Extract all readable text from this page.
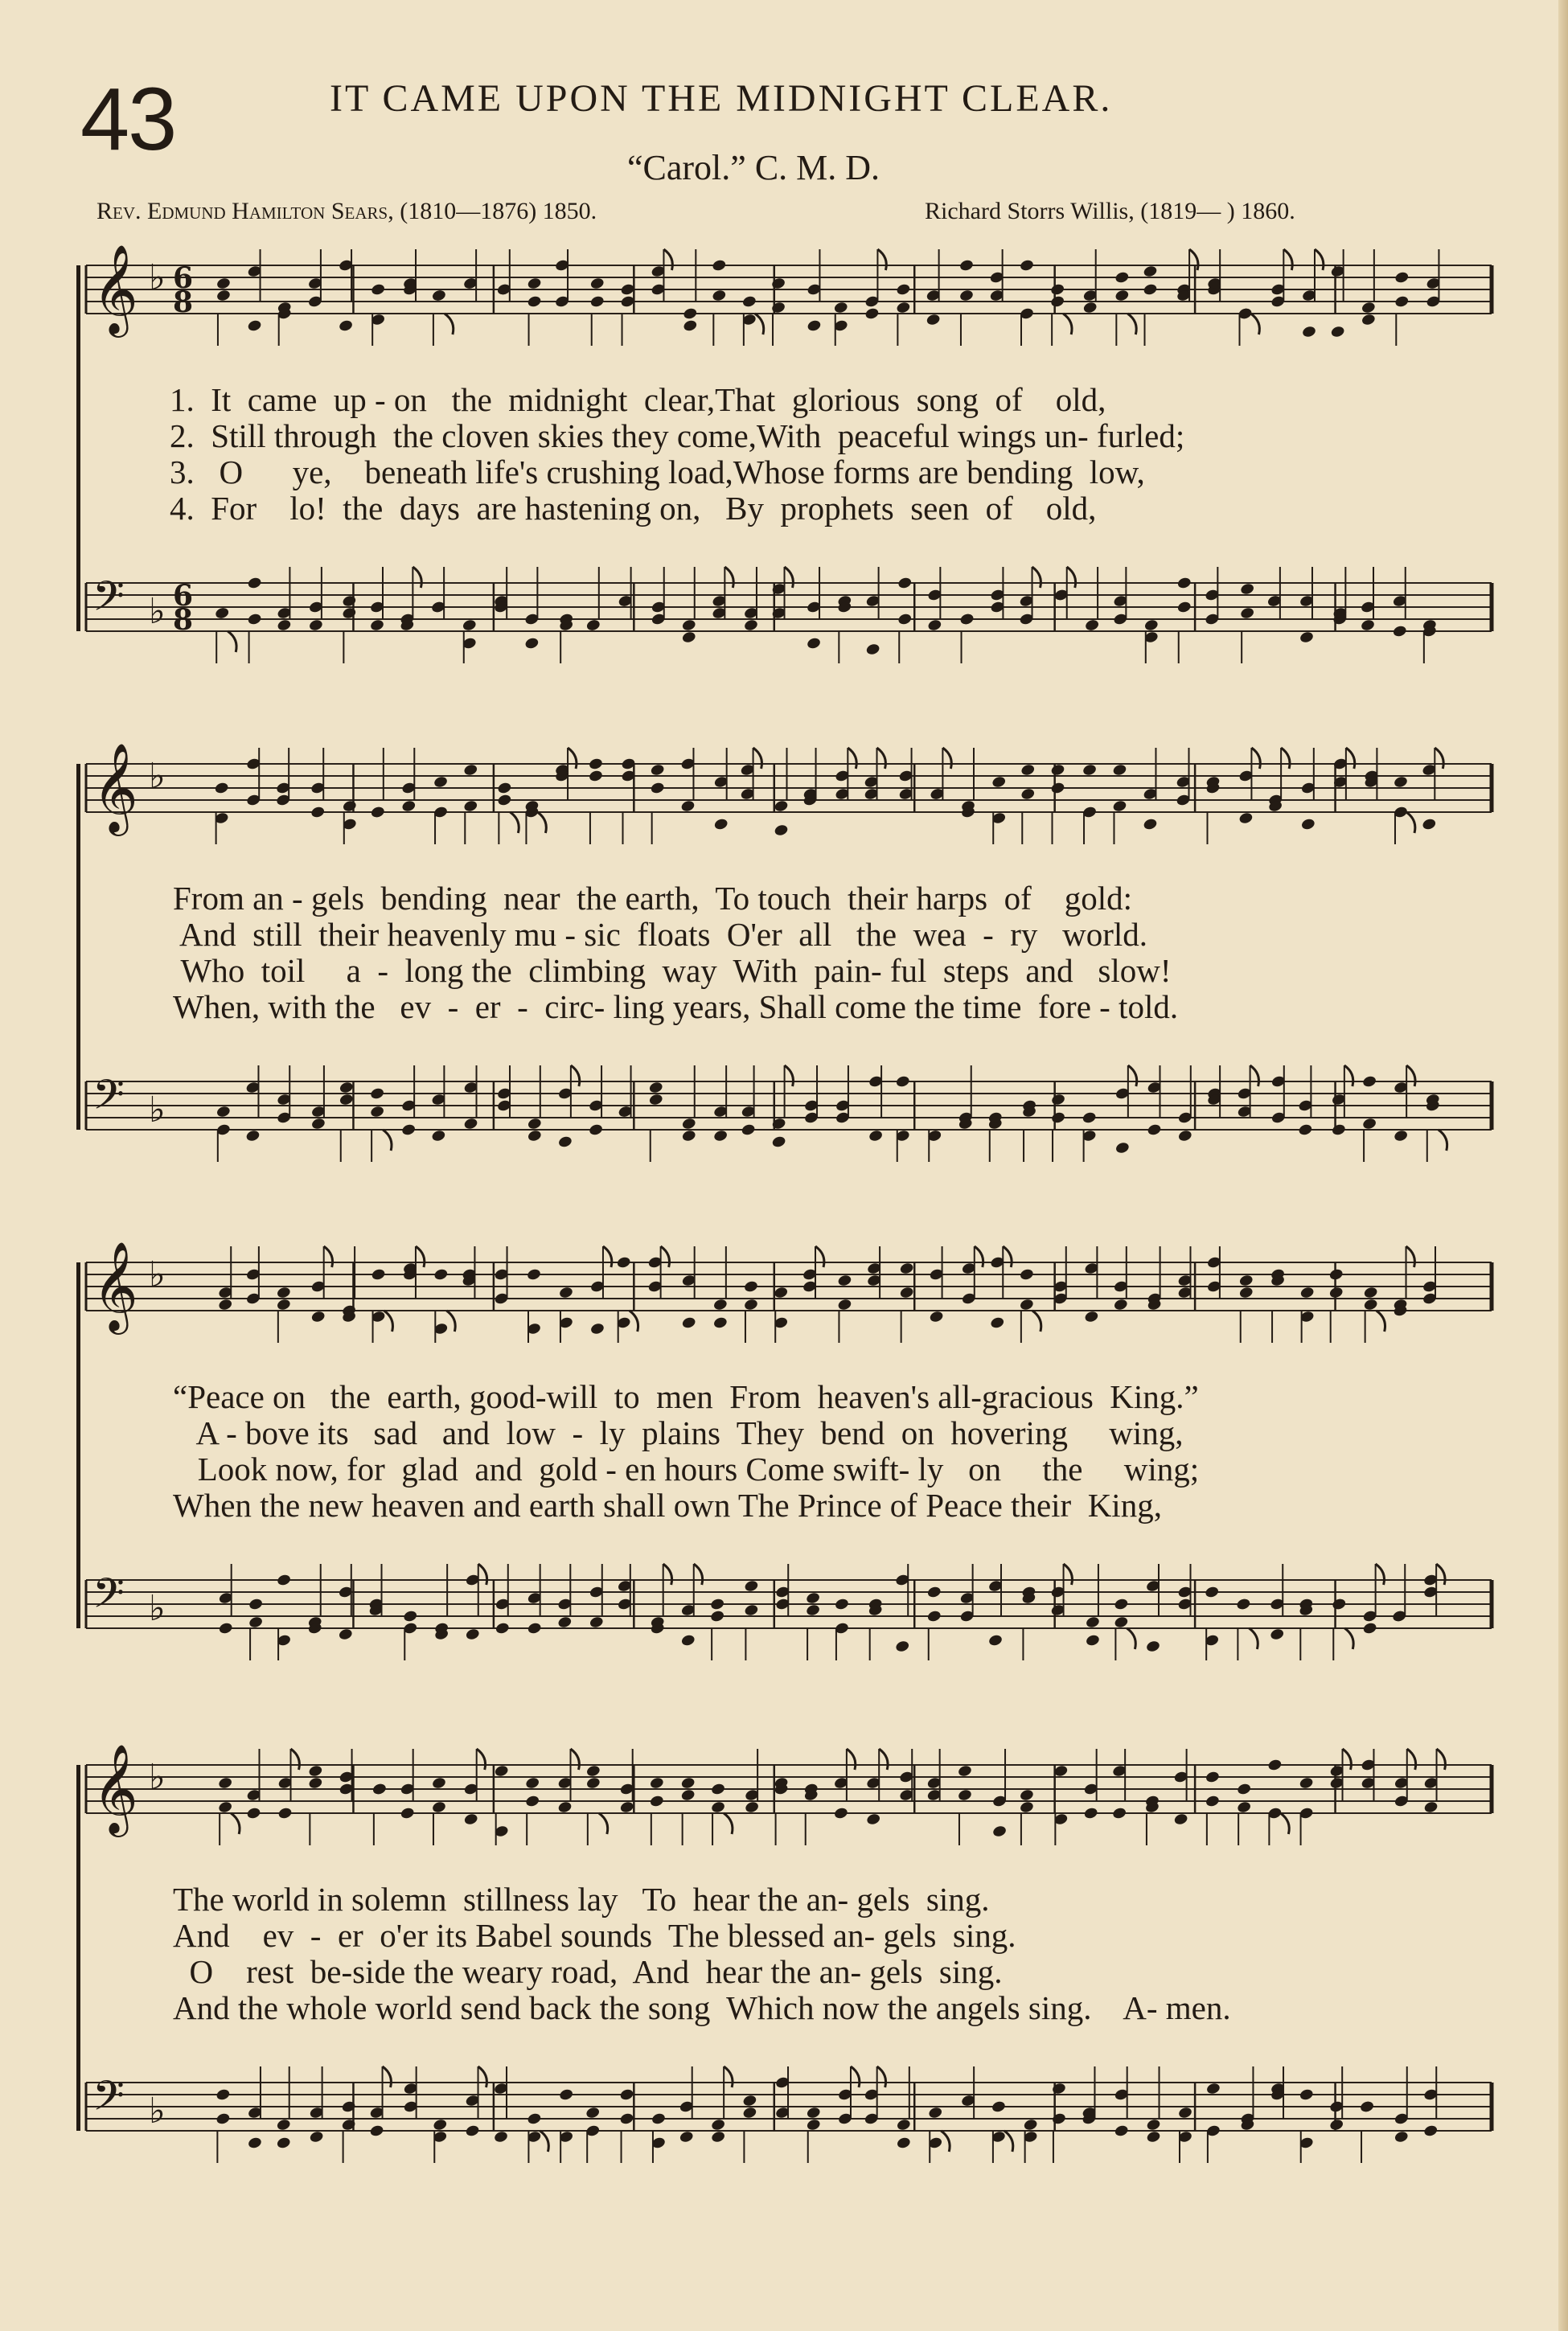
43	IT CAME UPON THE MIDNIGHT CLEAR.
“Carol.” C. M. D.
Rev. Edmund Hamilton Sears, (1810—1876) 1850.	Richard Storrs Willis, (1819— ) 1860.
𝄞 ♭ 6
8
𝄢 ♭ 6
8
1.  It  came  up - on   the  midnight  clear,That  glorious  song  of    old,
2.  Still through  the cloven skies they come,With  peaceful wings un- furled;
3.   O      ye,    beneath life's crushing load,Whose forms are bending  low,
4.  For    lo!  the  days  are hastening on,   By  prophets  seen  of    old,
𝄞 ♭
𝄢 ♭
From an - gels  bending  near  the earth,  To touch  their harps  of    gold:
And  still  their heavenly mu - sic  floats  O'er  all   the  wea  -  ry   world.
Who  toil     a  -  long the  climbing  way  With  pain- ful  steps  and   slow!
When, with the   ev  -  er  -  circ- ling years, Shall come the time  fore - told.
𝄞 ♭
𝄢 ♭
“Peace on   the  earth, good-will  to  men  From  heaven's all-gracious  King.”
A - bove its   sad   and  low  -  ly  plains  They  bend  on  hovering     wing,
Look now, for  glad  and  gold - en hours Come swift- ly   on     the     wing;
When the new heaven and earth shall own The Prince of Peace their  King,
𝄞 ♭
𝄢 ♭
The world in solemn  stillness lay   To  hear the an- gels  sing.
And    ev  -  er  o'er its Babel sounds  The blessed an- gels  sing.
O    rest  be-side the weary road,  And  hear the an- gels  sing.
And the whole world send back the song  Which now the angels sing.    A- men.
